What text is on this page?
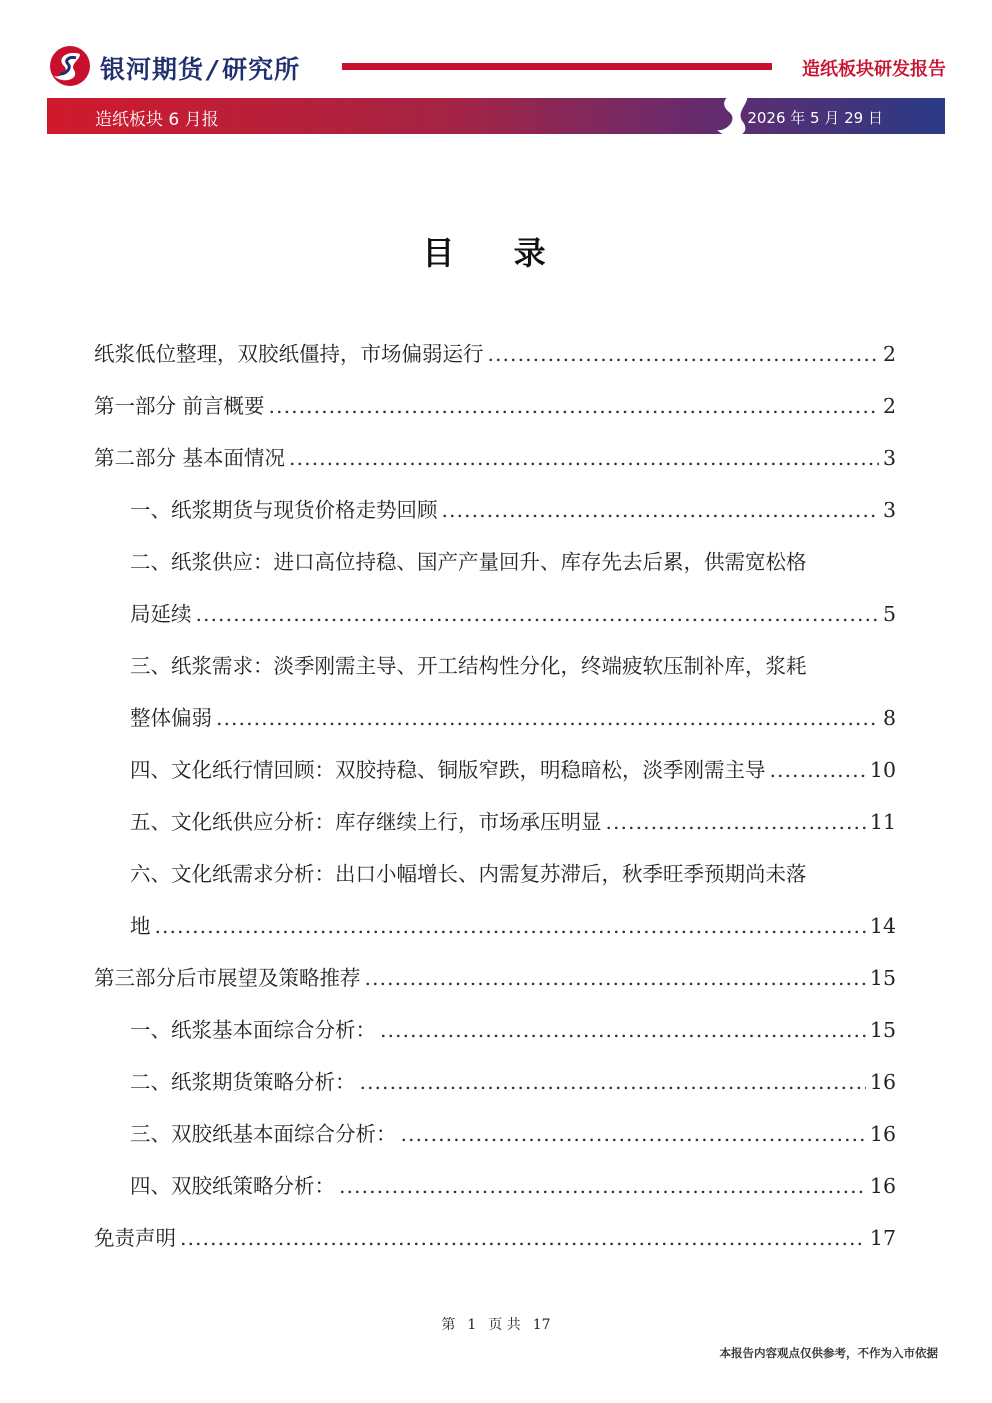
银河期货 / 研究所	造纸板块研发报告
造纸板块 6 月报	2026 年 5 月 29 日
目 录
纸浆低位整理，双胶纸僵持，市场偏弱运行 .....	2
第一部分 前言概要 .....	2
第二部分 基本面情况 .....	3
一、纸浆期货与现货价格走势回顾 .....	3
二、纸浆供应：进口高位持稳、国产产量回升、库存先去后累，供需宽松格
局延续 .....	5
三、纸浆需求：淡季刚需主导、开工结构性分化，终端疲软压制补库，浆耗
整体偏弱 .....	8
四、文化纸行情回顾：双胶持稳、铜版窄跌，明稳暗松，淡季刚需主导 .....	10
五、文化纸供应分析：库存继续上行，市场承压明显 .....	11
六、文化纸需求分析：出口小幅增长、内需复苏滞后，秋季旺季预期尚未落
地 .....	14
第三部分后市展望及策略推荐 .....	15
一、纸浆基本面综合分析： .....	15
二、纸浆期货策略分析： .....	16
三、双胶纸基本面综合分析： .....	16
四、双胶纸策略分析： .....	16
免责声明 .....	17
第 1 页 共 17
本报告内容观点仅供参考，不作为入市依据
